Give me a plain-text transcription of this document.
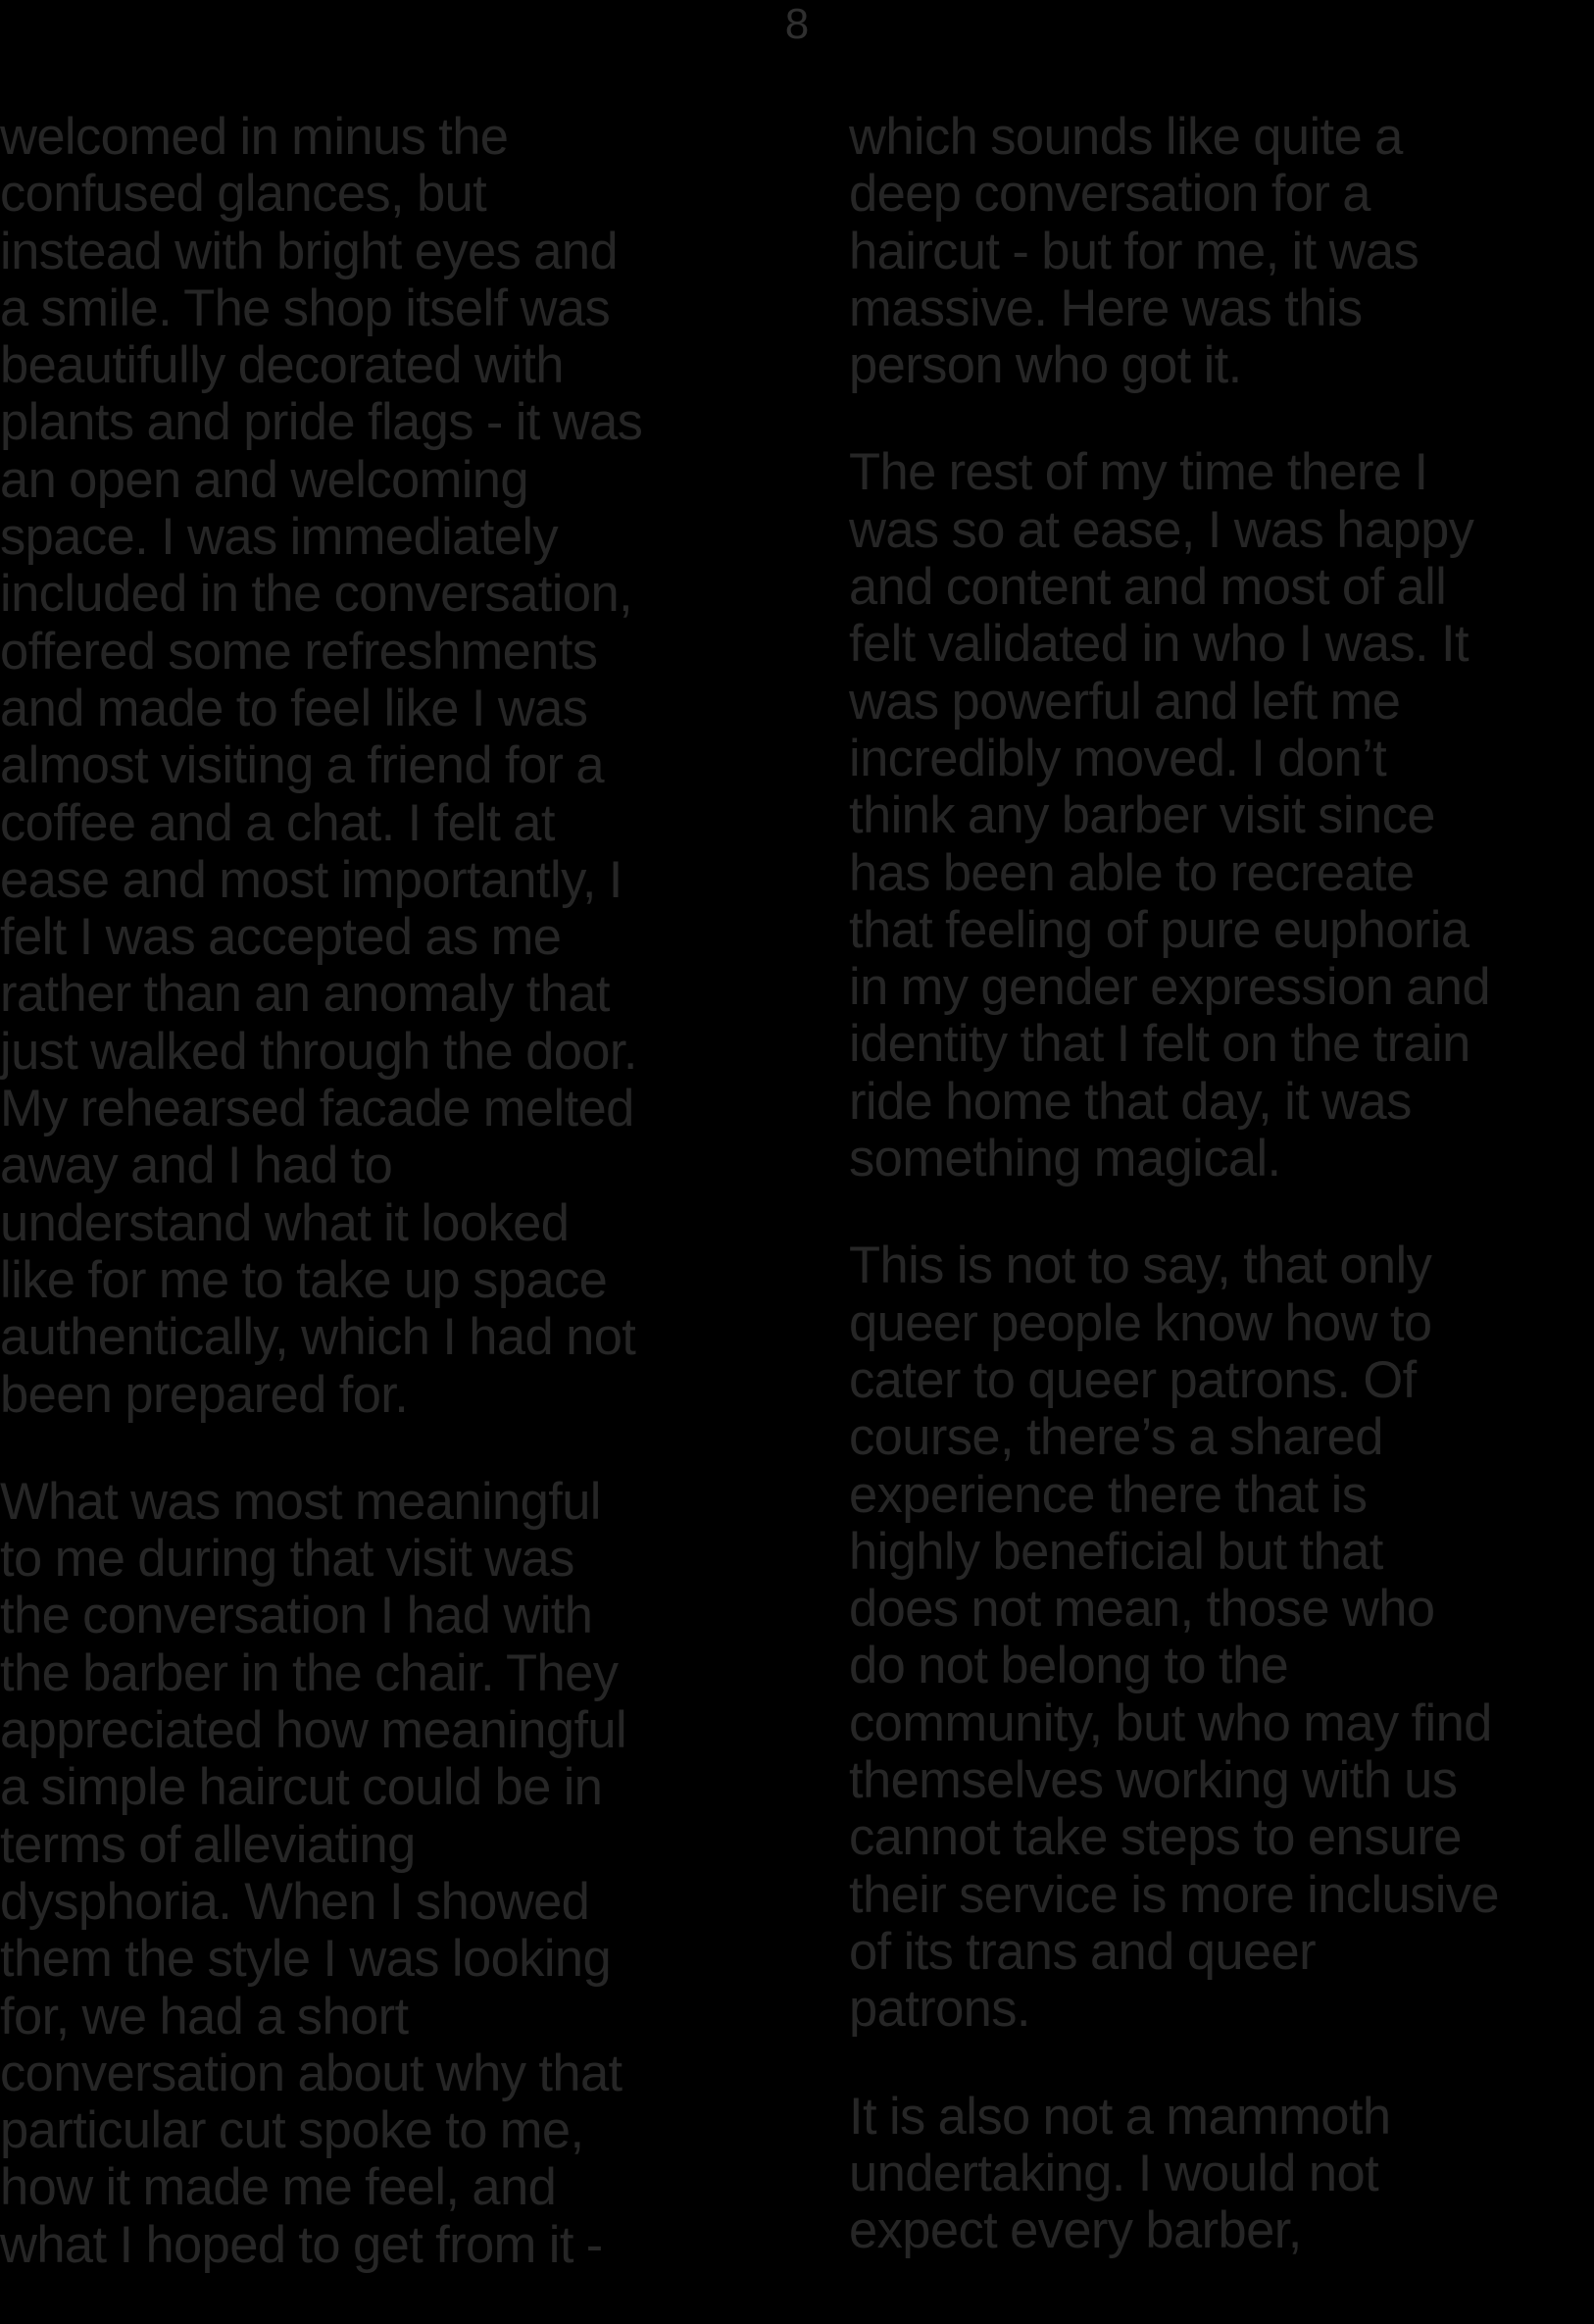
8

welcomed in minus the
confused glances, but
instead with bright eyes and
a smile. The shop itself was
beautifully decorated with
plants and pride flags - it was
an open and welcoming
space. I was immediately
included in the conversation,
offered some refreshments
and made to feel like I was
almost visiting a friend for a
coffee and a chat. I felt at
ease and most importantly, I
felt I was accepted as me
rather than an anomaly that
just walked through the door.
My rehearsed facade melted
away and I had to
understand what it looked
like for me to take up space
authentically, which I had not
been prepared for.

What was most meaningful
to me during that visit was
the conversation I had with
the barber in the chair. They
appreciated how meaningful
a simple haircut could be in
terms of alleviating
dysphoria. When I showed
them the style I was looking
for, we had a short
conversation about why that
particular cut spoke to me,
how it made me feel, and
what I hoped to get from it -

which sounds like quite a
deep conversation for a
haircut - but for me, it was
massive. Here was this
person who got it.

The rest of my time there I
was so at ease, I was happy
and content and most of all
felt validated in who I was. It
was powerful and left me
incredibly moved. I don’t
think any barber visit since
has been able to recreate
that feeling of pure euphoria
in my gender expression and
identity that I felt on the train
ride home that day, it was
something magical.

This is not to say, that only
queer people know how to
cater to queer patrons. Of
course, there’s a shared
experience there that is
highly beneficial but that
does not mean, those who
do not belong to the
community, but who may find
themselves working with us
cannot take steps to ensure
their service is more inclusive
of its trans and queer
patrons.

It is also not a mammoth
undertaking. I would not
expect every barber,
